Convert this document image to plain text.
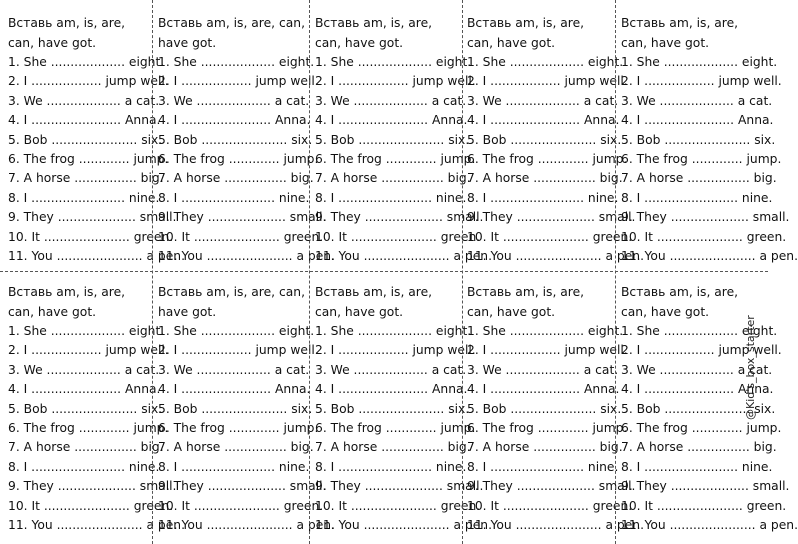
Вставь am, is, are, can, have got.

1. She ................... eight.
2. I .................. jump well.
3. We ................... a cat.
4. I ....................... Anna.
5. Bob ...................... six.
6. The frog ............. jump.
7. A horse ................ big.
8. I ........................ nine.
9. They .................... small.
10. It ...................... green.
11. You ...................... a pen.

Вставь am, is, are, can, have got.

1. She ................... eight.
2. I .................. jump well.
3. We ................... a cat.
4. I ....................... Anna.
5. Bob ...................... six.
6. The frog ............. jump.
7. A horse ................ big.
8. I ........................ nine.
9. They .................... small.
10. It ...................... green.
11. You ...................... a pen.

Вставь am, is, are, can, have got.

1. She ................... eight.
2. I .................. jump well.
3. We ................... a cat.
4. I ....................... Anna.
5. Bob ...................... six.
6. The frog ............. jump.
7. A horse ................ big.
8. I ........................ nine.
9. They .................... small.
10. It ...................... green.
11. You ...................... a pen.

Вставь am, is, are, can, have got.

1. She ................... eight.
2. I .................. jump well.
3. We ................... a cat.
4. I ....................... Anna.
5. Bob ...................... six.
6. The frog ............. jump.
7. A horse ................ big.
8. I ........................ nine.
9. They .................... small.
10. It ...................... green.
11. You ...................... a pen.

Вставь am, is, are, can, have got.

1. She ................... eight.
2. I .................. jump well.
3. We ................... a cat.
4. I ....................... Anna.
5. Bob ...................... six.
6. The frog ............. jump.
7. A horse ................ big.
8. I ........................ nine.
9. They .................... small.
10. It ...................... green.
11. You ...................... a pen.

Вставь am, is, are, can, have got.

1. She ................... eight.
2. I .................. jump well.
3. We ................... a cat.
4. I ....................... Anna.
5. Bob ...................... six.
6. The frog ............. jump.
7. A horse ................ big.
8. I ........................ nine.
9. They .................... small.
10. It ...................... green.
11. You ...................... a pen.

Вставь am, is, are, can, have got.

1. She ................... eight.
2. I .................. jump well.
3. We ................... a cat.
4. I ....................... Anna.
5. Bob ...................... six.
6. The frog ............. jump.
7. A horse ................ big.
8. I ........................ nine.
9. They .................... small.
10. It ...................... green.
11. You ...................... a pen.

Вставь am, is, are, can, have got.

1. She ................... eight.
2. I .................. jump well.
3. We ................... a cat.
4. I ....................... Anna.
5. Bob ...................... six.
6. The frog ............. jump.
7. A horse ................ big.
8. I ........................ nine.
9. They .................... small.
10. It ...................... green.
11. You ...................... a pen.

Вставь am, is, are, can, have got.

1. She ................... eight.
2. I .................. jump well.
3. We ................... a cat.
4. I ....................... Anna.
5. Bob ...................... six.
6. The frog ............. jump.
7. A horse ................ big.
8. I ........................ nine.
9. They .................... small.
10. It ...................... green.
11. You ...................... a pen.

Вставь am, is, are, can, have got.

1. She ................... eight.
2. I .................. jump well.
3. We ................... a cat.
4. I ....................... Anna.
5. Bob ...................... six.
6. The frog ............. jump.
7. A horse ................ big.
8. I ........................ nine.
9. They .................... small.
10. It ...................... green.
11. You ...................... a pen.
@Kid's_box_starter
